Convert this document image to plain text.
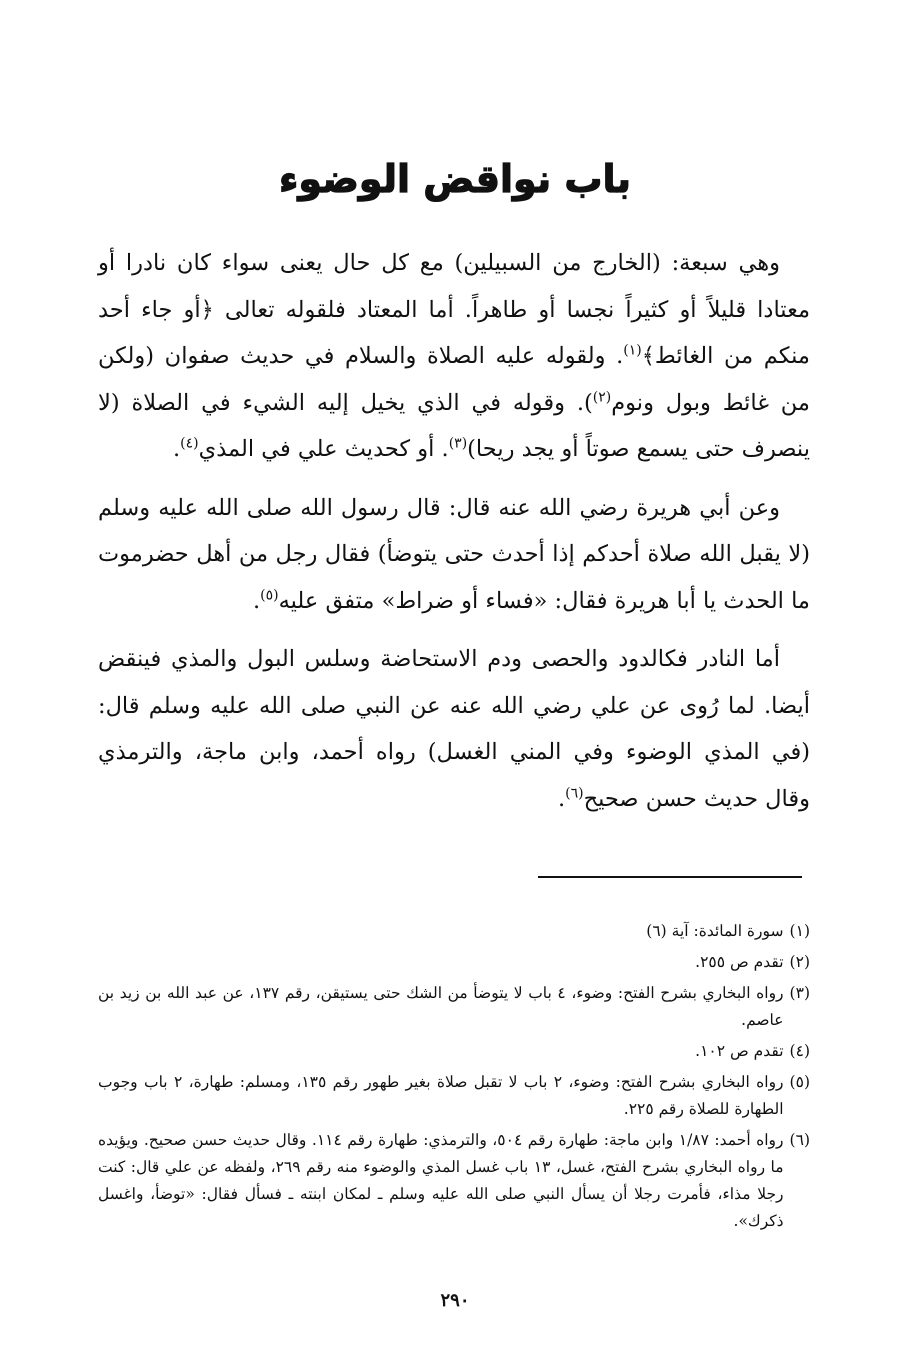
باب نواقض الوضوء

وهي سبعة: (الخارج من السبيلين) مع كل حال يعنى سواء كان نادرا أو معتادا قليلاً أو كثيراً نجسا أو طاهراً. أما المعتاد فلقوله تعالى ﴿أو جاء أحد منكم من الغائط﴾$^{(١)}$. ولقوله عليه الصلاة والسلام في حديث صفوان (ولكن من غائط وبول ونوم$^{(٢)}$). وقوله في الذي يخيل إليه الشيء في الصلاة (لا ينصرف حتى يسمع صوتاً أو يجد ريحا)$^{(٣)}$. أو كحديث علي في المذي$^{(٤)}$.

وعن أبي هريرة رضي الله عنه قال: قال رسول الله صلى الله عليه وسلم (لا يقبل الله صلاة أحدكم إذا أحدث حتى يتوضأ) فقال رجل من أهل حضرموت ما الحدث يا أبا هريرة فقال: «فساء أو ضراط» متفق عليه$^{(٥)}$.

أما النادر فكالدود والحصى ودم الاستحاضة وسلس البول والمذي فينقض أيضا. لما رُوى عن علي رضي الله عنه عن النبي صلى الله عليه وسلم قال: (في المذي الوضوء وفي المني الغسل) رواه أحمد، وابن ماجة، والترمذي وقال حديث حسن صحيح$^{(٦)}$.

(١)
سورة المائدة: آية (٦)
(٢)
تقدم ص ٢٥٥.
(٣)
رواه البخاري بشرح الفتح: وضوء، ٤ باب لا يتوضأ من الشك حتى يستيقن، رقم ١٣٧، عن عبد الله بن زيد بن عاصم.
(٤)
تقدم ص ١٠٢.
(٥)
رواه البخاري بشرح الفتح: وضوء، ٢ باب لا تقبل صلاة بغير طهور رقم ١٣٥، ومسلم: طهارة، ٢ باب وجوب الطهارة للصلاة رقم ٢٢٥.
(٦)
رواه أحمد: ١/٨٧ وابن ماجة: طهارة رقم ٥٠٤، والترمذي: طهارة رقم ١١٤. وقال حديث حسن صحيح. ويؤيده ما رواه البخاري بشرح الفتح، غسل، ١٣ باب غسل المذي والوضوء منه رقم ٢٦٩، ولفظه عن علي قال: كنت رجلا مذاء، فأمرت رجلا أن يسأل النبي صلى الله عليه وسلم ـ لمكان ابنته ـ فسأل فقال: «توضأ، واغسل ذكرك».
٢٩٠
